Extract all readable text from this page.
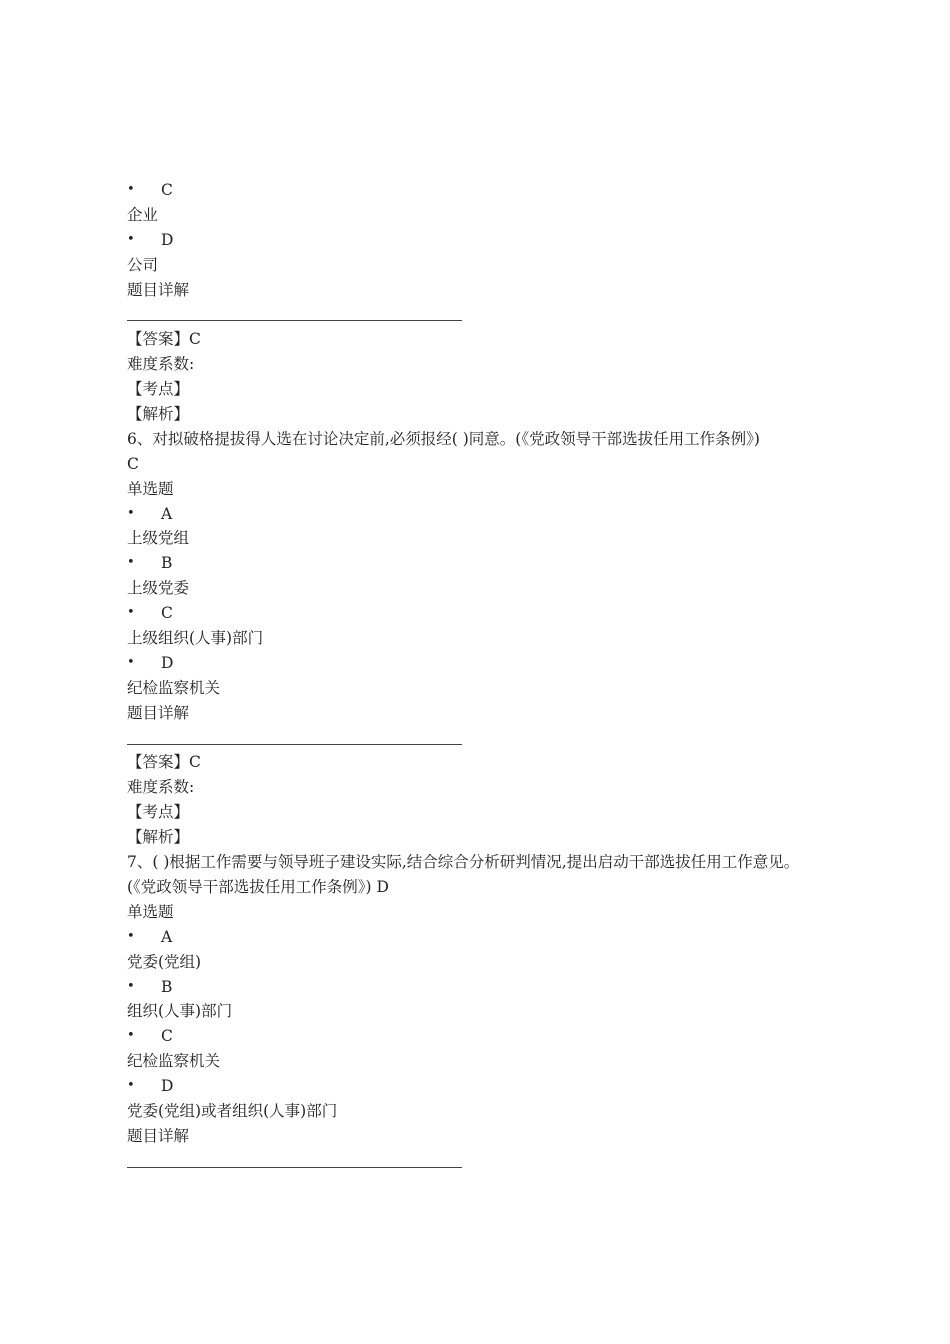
•	C
企业
•	D
公司
题目详解
【答案】C
难度系数:
【考点】
【解析】
6、对拟破格提拔得人选在讨论决定前,必须报经( )同意。(《党政领导干部选拔任用工作条例》)
C
单选题
•	A
上级党组
•	B
上级党委
•	C
上级组织(人事)部门
•	D
纪检监察机关
题目详解
【答案】C
难度系数:
【考点】
【解析】
7、( )根据工作需要与领导班子建设实际,结合综合分析研判情况,提出启动干部选拔任用工作意见。
(《党政领导干部选拔任用工作条例》) D
单选题
•	A
党委(党组)
•	B
组织(人事)部门
•	C
纪检监察机关
•	D
党委(党组)或者组织(人事)部门
题目详解
